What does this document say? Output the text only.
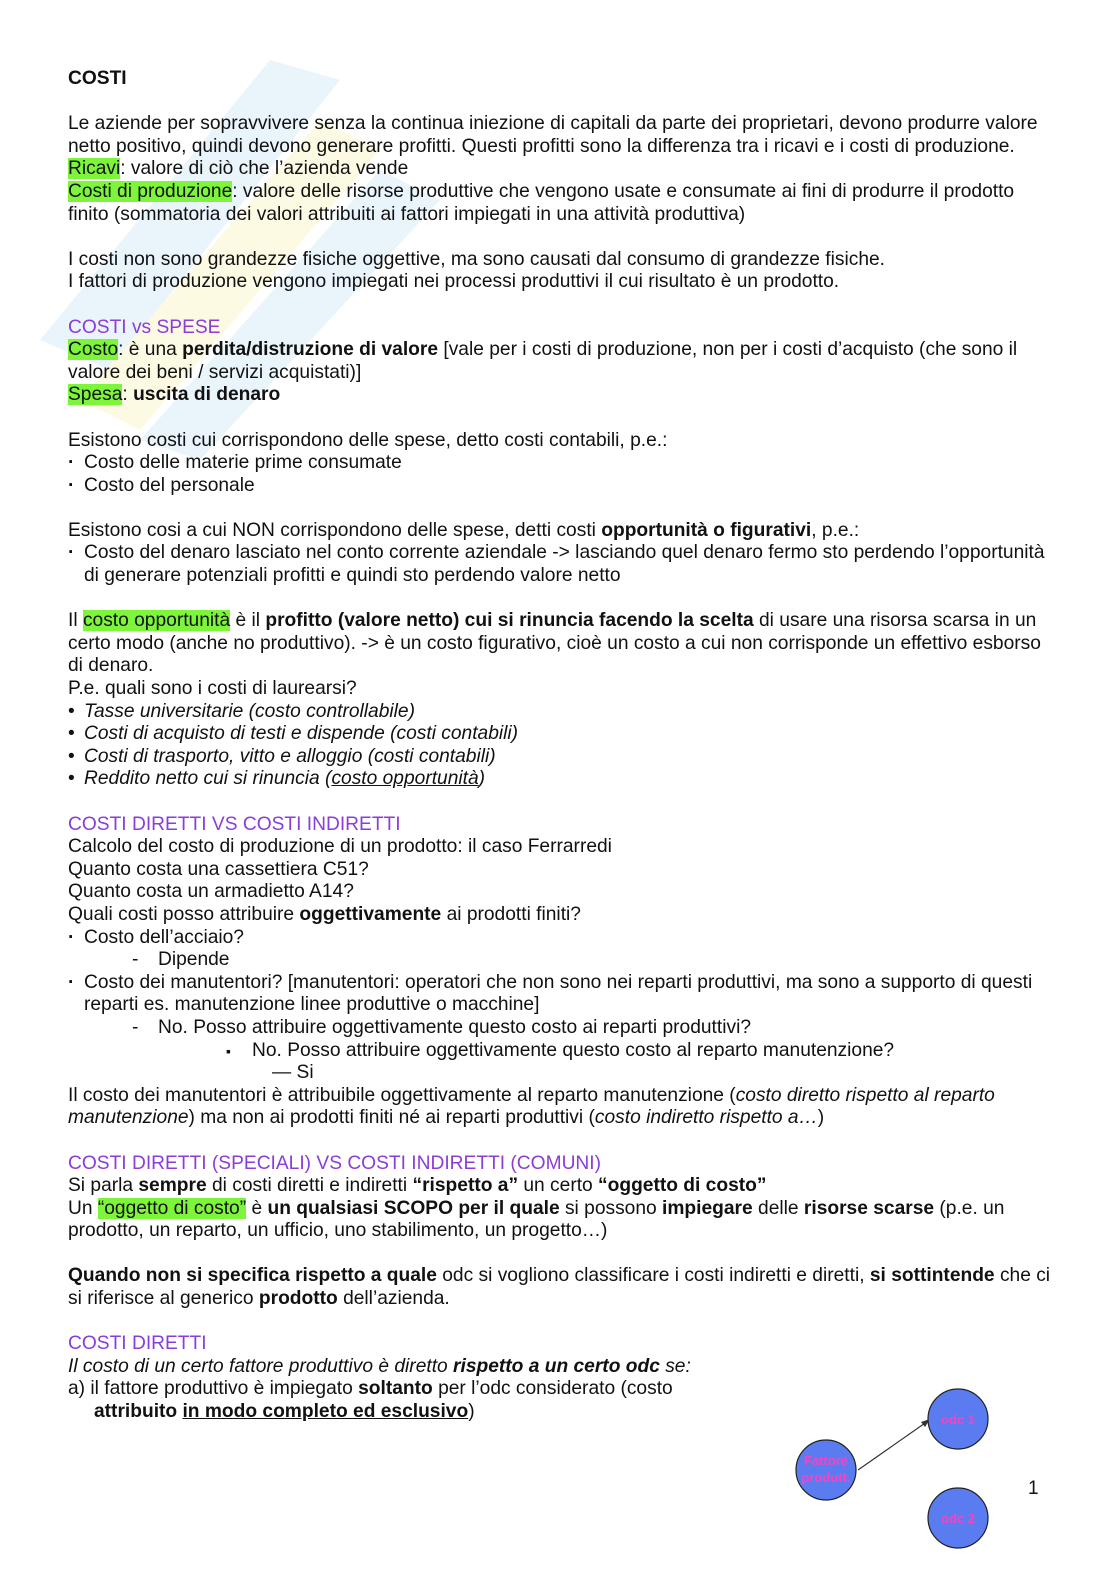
COSTI

Le aziende per sopravvivere senza la continua iniezione di capitali da parte dei proprietari, devono produrre valore netto positivo, quindi devono generare profitti. Questi profitti sono la differenza tra i ricavi e i costi di produzione.

Ricavi: valore di ciò che l’azienda vende

Costi di produzione: valore delle risorse produttive che vengono usate e consumate ai fini di produrre il prodotto finito (sommatoria dei valori attribuiti ai fattori impiegati in una attività produttiva)

I costi non sono grandezze fisiche oggettive, ma sono causati dal consumo di grandezze fisiche.

I fattori di produzione vengono impiegati nei processi produttivi il cui risultato è un prodotto.

COSTI vs SPESE

Costo: è una perdita/distruzione di valore [vale per i costi di produzione, non per i costi d’acquisto (che sono il valore dei beni / servizi acquistati)]

Spesa: uscita di denaro

Esistono costi cui corrispondono delle spese, detto costi contabili, p.e.:

· Costo delle materie prime consumate
· Costo del personale

Esistono cosi a cui NON corrispondono delle spese, detti costi opportunità o figurativi, p.e.:

· Costo del denaro lasciato nel conto corrente aziendale -> lasciando quel denaro fermo sto perdendo l’opportunità di generare potenziali profitti e quindi sto perdendo valore netto

Il costo opportunità è il profitto (valore netto) cui si rinuncia facendo la scelta di usare una risorsa scarsa in un certo modo (anche no produttivo). -> è un costo figurativo, cioè un costo a cui non corrisponde un effettivo esborso di denaro.

P.e. quali sono i costi di laurearsi?

• Tasse universitarie (costo controllabile)
• Costi di acquisto di testi e dispende (costi contabili)
• Costi di trasporto, vitto e alloggio (costi contabili)
• Reddito netto cui si rinuncia (costo opportunità)

COSTI DIRETTI VS COSTI INDIRETTI

Calcolo del costo di produzione di un prodotto: il caso Ferrarredi

Quanto costa una cassettiera C51?

Quanto costa un armadietto A14?

Quali costi posso attribuire oggettivamente ai prodotti finiti?

· Costo dell’acciaio?

- Dipende

· Costo dei manutentori? [manutentori: operatori che non sono nei reparti produttivi, ma sono a supporto di questi reparti es. manutenzione linee produttive o macchine]

- No. Posso attribuire oggettivamente questo costo ai reparti produttivi?

▪ No. Posso attribuire oggettivamente questo costo al reparto manutenzione?

— Si

Il costo dei manutentori è attribuibile oggettivamente al reparto manutenzione (costo diretto rispetto al reparto manutenzione) ma non ai prodotti finiti né ai reparti produttivi (costo indiretto rispetto a…)

COSTI DIRETTI (SPECIALI) VS COSTI INDIRETTI (COMUNI)

Si parla sempre di costi diretti e indiretti “rispetto a” un certo “oggetto di costo”

Un “oggetto di costo” è un qualsiasi SCOPO per il quale si possono impiegare delle risorse scarse (p.e. un prodotto, un reparto, un ufficio, uno stabilimento, un progetto…)

Quando non si specifica rispetto a quale odc si vogliono classificare i costi indiretti e diretti, si sottintende che ci si riferisce al generico prodotto dell’azienda.

COSTI DIRETTI

Il costo di un certo fattore produttivo è diretto rispetto a un certo odc se:

a) il fattore produttivo è impiegato soltanto per l’odc considerato (costo

attribuito in modo completo ed esclusivo)

Fattore
produtt.
odc 1
odc 2
1
